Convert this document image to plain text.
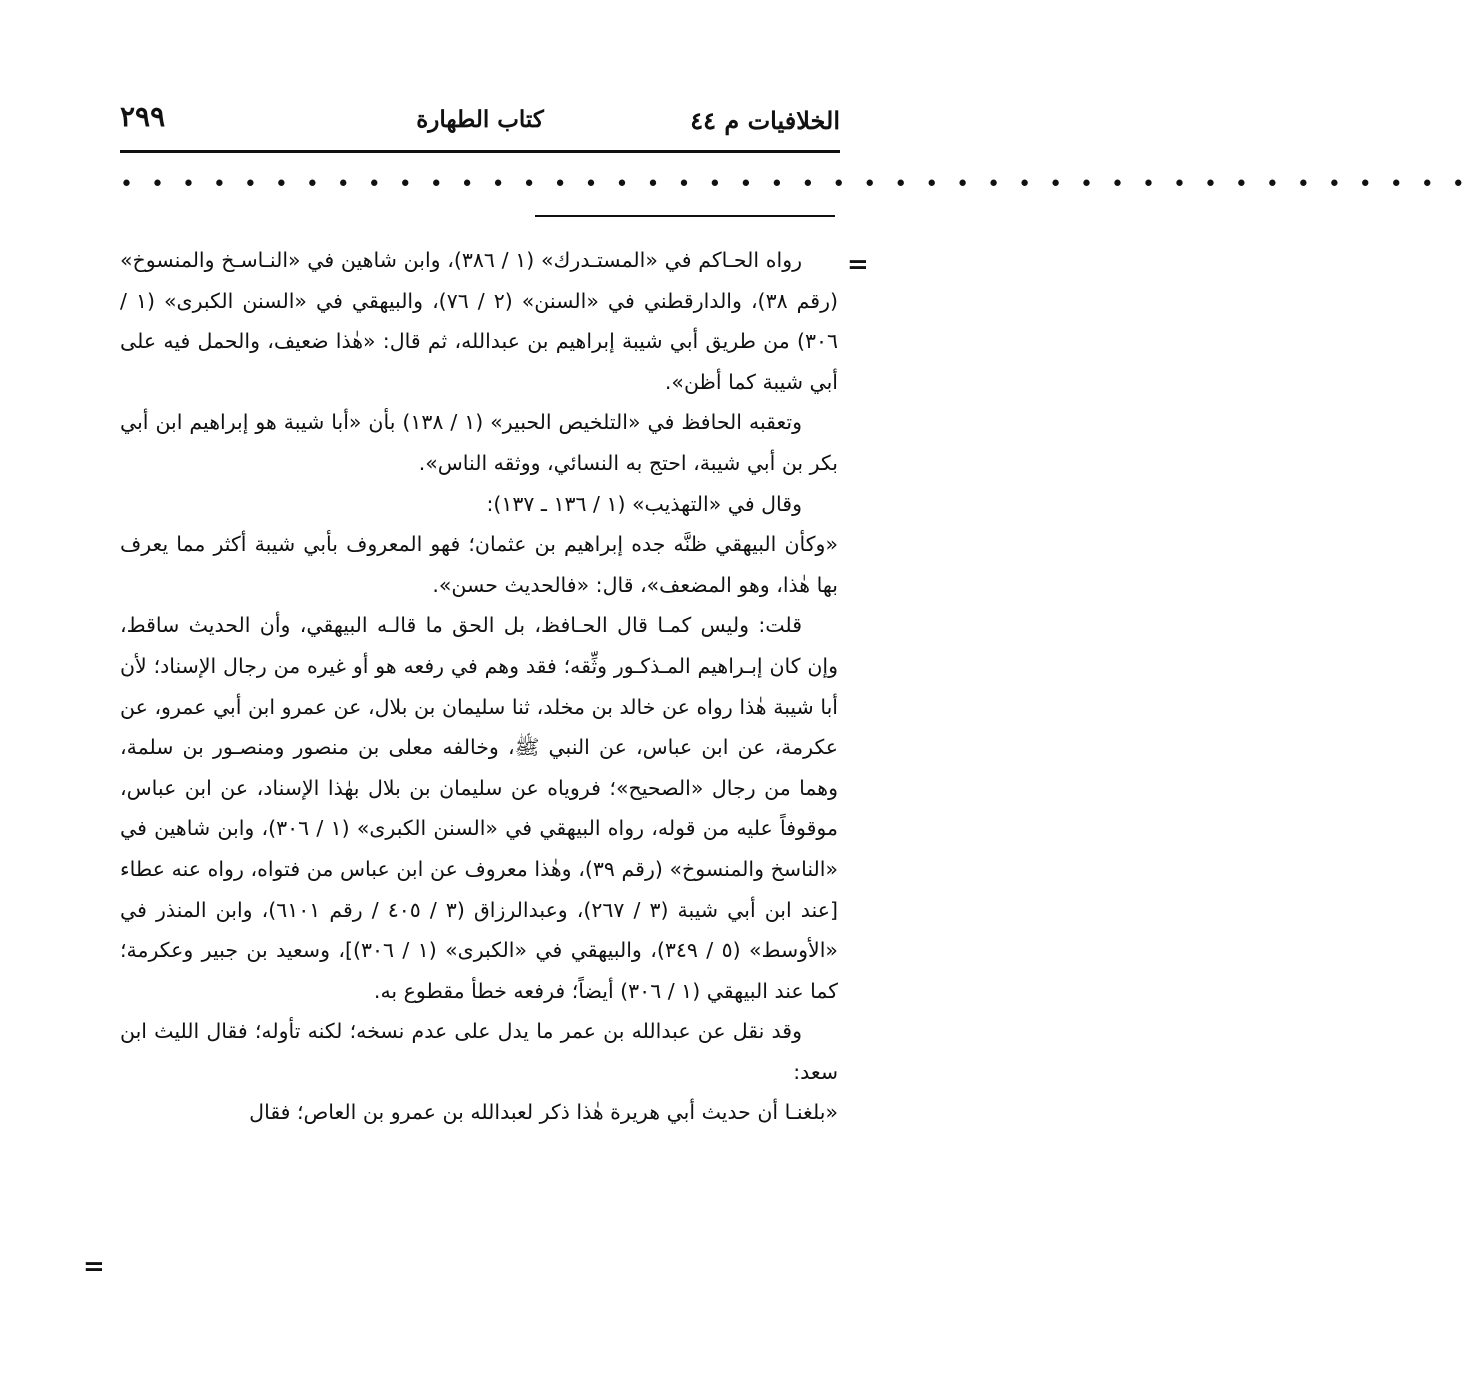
الخلافيات م ٤٤
كتاب الطهارة
٢٩٩
• • • • • • • • • • • • • • • • • • • • • • • • • • • • • • • • • • • • • • • • • • • •
=
=

رواه الحـاكم في «المستـدرك» (١ / ٣٨٦)، وابن شاهين في «النـاسـخ والمنسوخ» (رقم ٣٨)، والدارقطني في «السنن» (٢ / ٧٦)، والبيهقي في «السنن الكبرى» (١ / ٣٠٦) من طريق أبي شيبة إبراهيم بن عبدالله، ثم قال: «هٰذا ضعيف، والحمل فيه على أبي شيبة كما أظن».

وتعقبه الحافظ في «التلخيص الحبير» (١ / ١٣٨) بأن «أبا شيبة هو إبراهيم ابن أبي بكر بن أبي شيبة، احتج به النسائي، ووثقه الناس».

وقال في «التهذيب» (١ / ١٣٦ ـ ١٣٧):

«وكأن البيهقي ظنَّه جده إبراهيم بن عثمان؛ فهو المعروف بأبي شيبة أكثر مما يعرف بها هٰذا، وهو المضعف»، قال: «فالحديث حسن».

قلت: وليس كمـا قال الحـافظ، بل الحق ما قالـه البيهقي، وأن الحديث ساقط، وإن كان إبـراهيم المـذكـور وثِّقه؛ فقد وهم في رفعه هو أو غيره من رجال الإسناد؛ لأن أبا شيبة هٰذا رواه عن خالد بن مخلد، ثنا سليمان بن بلال، عن عمرو ابن أبي عمرو، عن عكرمة، عن ابن عباس، عن النبي ﷺ، وخالفه معلى بن منصور ومنصـور بن سلمة، وهما من رجال «الصحيح»؛ فروياه عن سليمان بن بلال بهٰذا الإسناد، عن ابن عباس، موقوفاً عليه من قوله، رواه البيهقي في «السنن الكبرى» (١ / ٣٠٦)، وابن شاهين في «الناسخ والمنسوخ» (رقم ٣٩)، وهٰذا معروف عن ابن عباس من فتواه، رواه عنه عطاء [عند ابن أبي شيبة (٣ / ٢٦٧)، وعبدالرزاق (٣ / ٤٠٥ / رقم ٦١٠١)، وابن المنذر في «الأوسط» (٥ / ٣٤٩)، والبيهقي في «الكبرى» (١ / ٣٠٦)]، وسعيد بن جبير وعكرمة؛ كما عند البيهقي (١ / ٣٠٦) أيضاً؛ فرفعه خطأ مقطوع به.

وقد نقل عن عبدالله بن عمر ما يدل على عدم نسخه؛ لكنه تأوله؛ فقال الليث ابن سعد:

«بلغنـا أن حديث أبي هريرة هٰذا ذكر لعبدالله بن عمرو بن العاص؛ فقال
